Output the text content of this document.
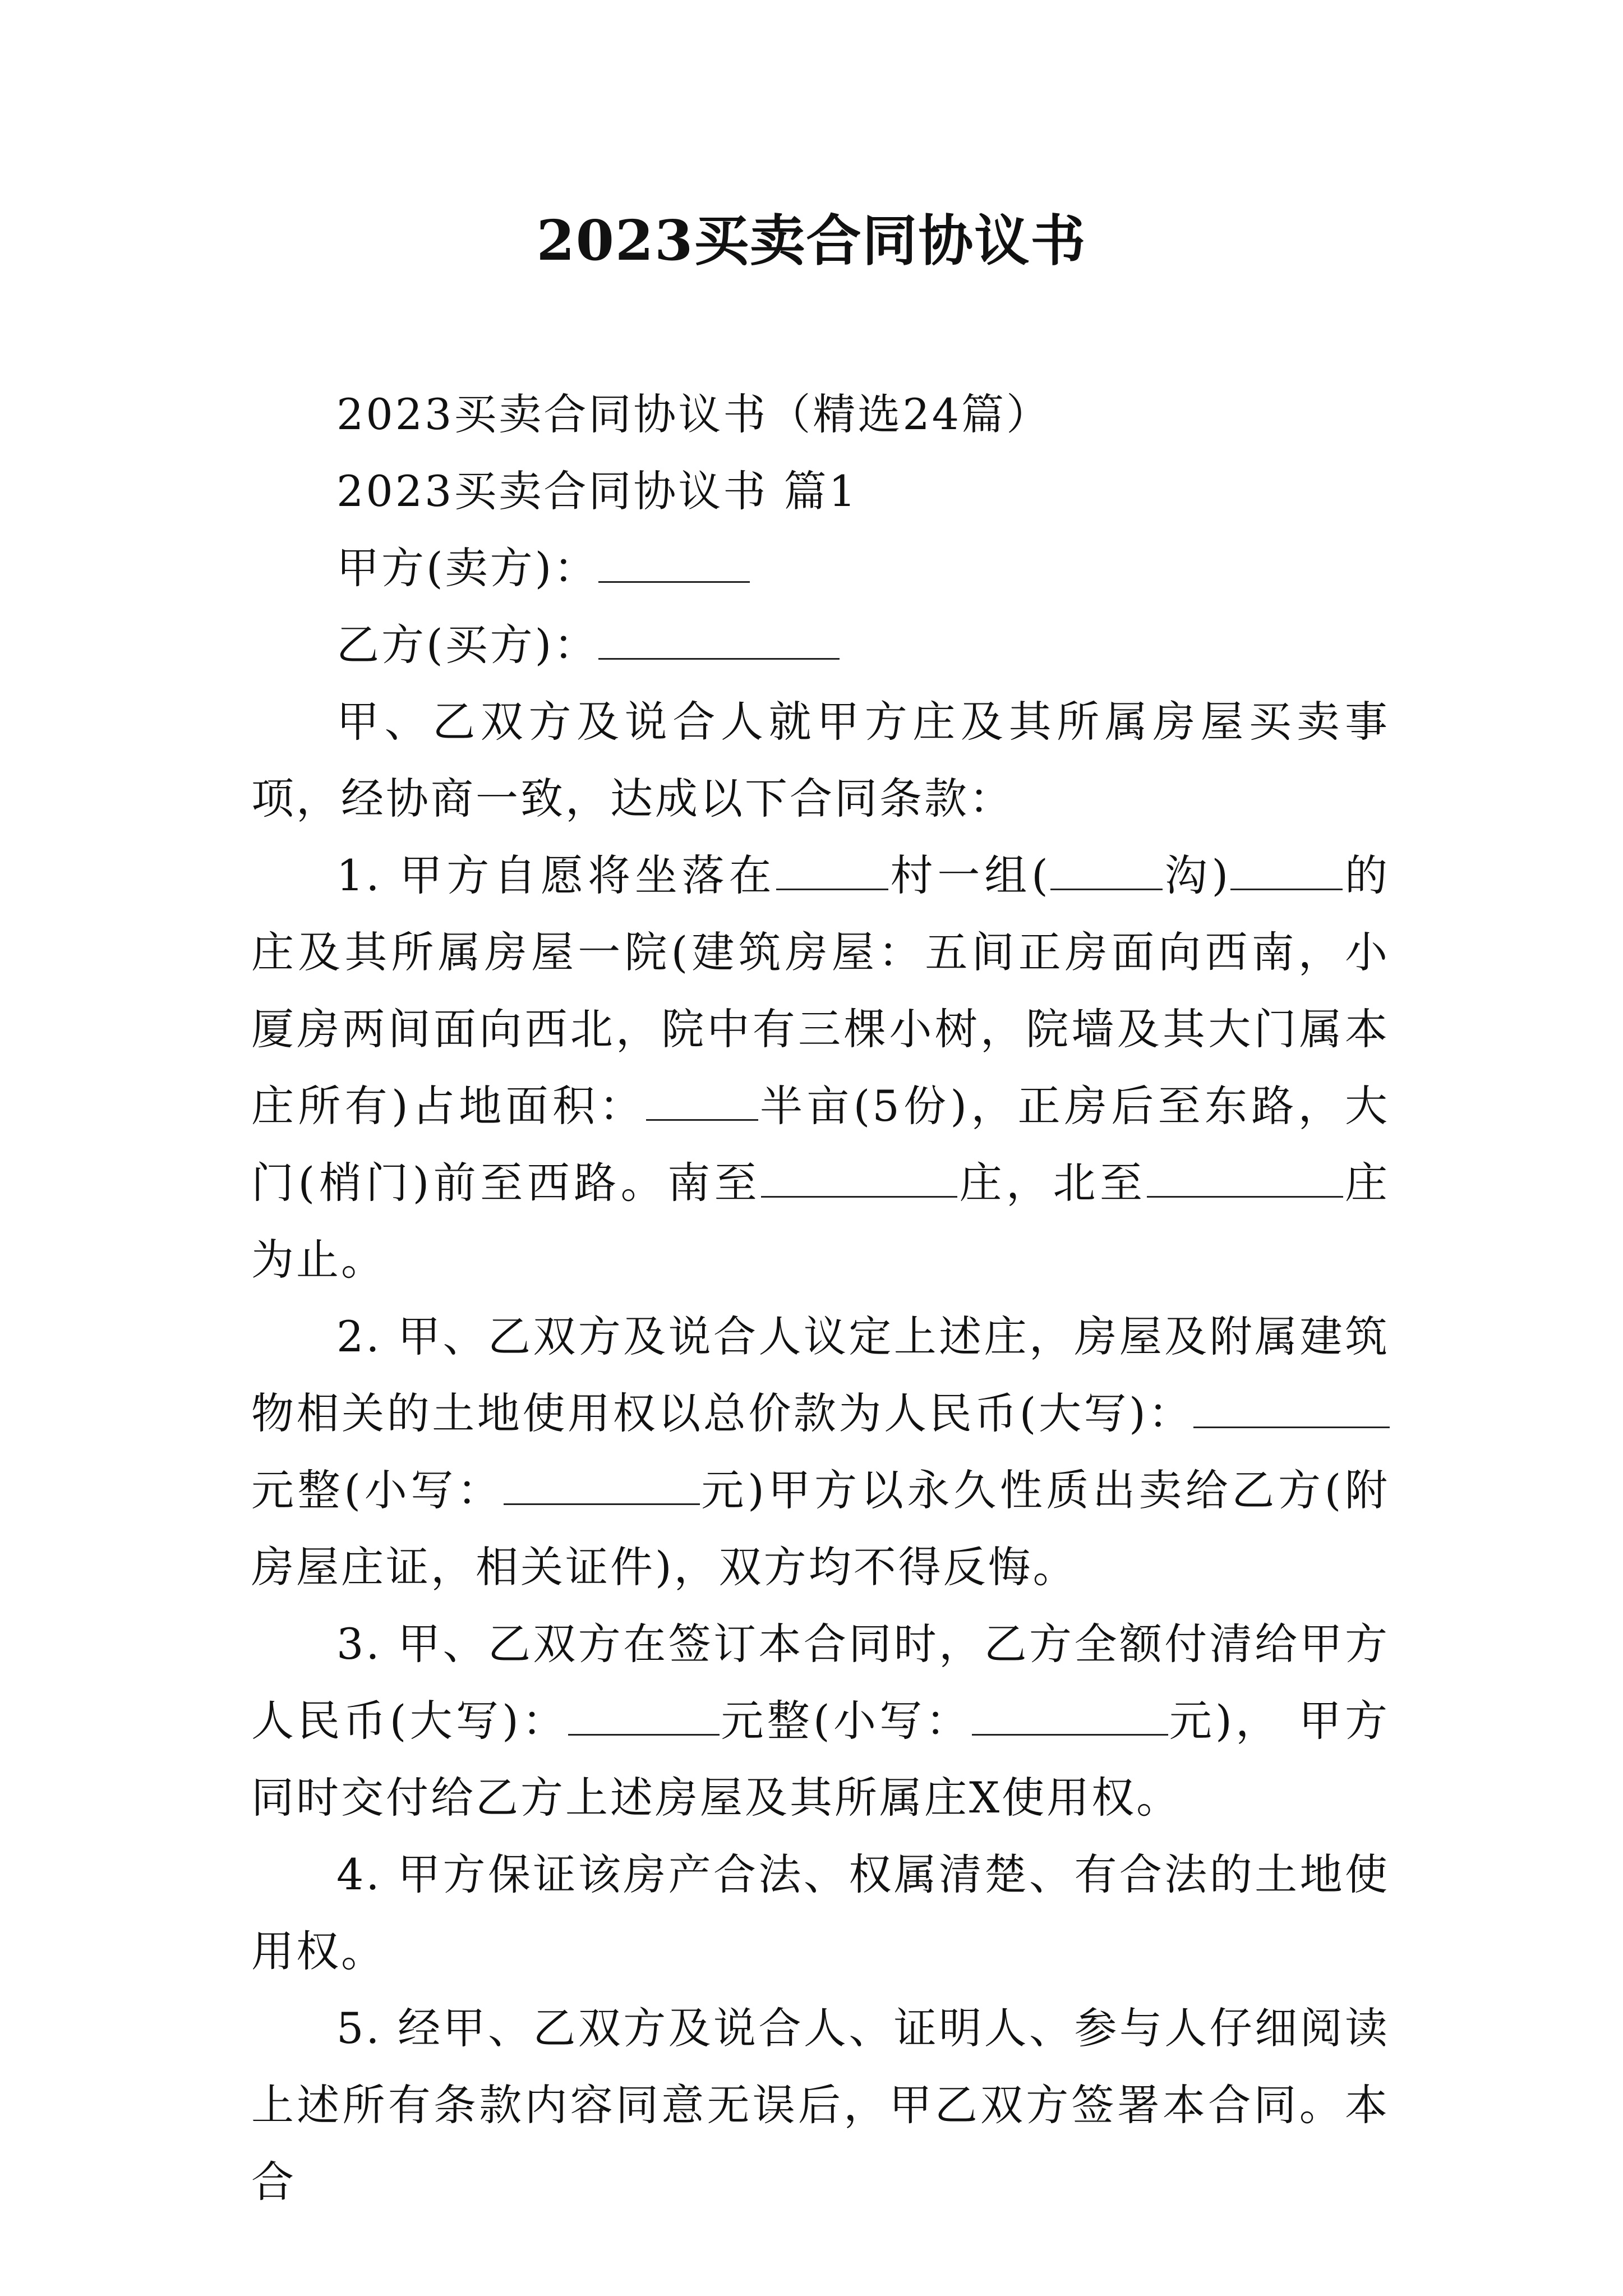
2023买卖合同协议书

2023买卖合同协议书（精选24篇）

2023买卖合同协议书 篇1

甲方(卖方)：

乙方(买方)：

甲、乙双方及说合人就甲方庄及其所属房屋买卖事项，经协商一致，达成以下合同条款：

1. 甲方自愿将坐落在	村一组(	沟)	的庄及其所属房屋一院(建筑房屋：五间正房面向西南，小厦房两间面向西北，院中有三棵小树，院墙及其大门属本庄所有)占地面积：	半亩(5份)，正房后至东路，大门(梢门)前至西路。南至	庄，北至	庄为止。

2. 甲、乙双方及说合人议定上述庄，房屋及附属建筑物相关的土地使用权以总价款为人民币(大写)：元整(小写：	元)甲方以永久性质出卖给乙方(附房屋庄证，相关证件)，双方均不得反悔。

3. 甲、乙双方在签订本合同时，乙方全额付清给甲方人民币(大写)：	元整(小写：	元)， 甲方同时交付给乙方上述房屋及其所属庄X使用权。

4. 甲方保证该房产合法、权属清楚、有合法的土地使用权。

5. 经甲、乙双方及说合人、证明人、参与人仔细阅读上述所有条款内容同意无误后，甲乙双方签署本合同。本合
